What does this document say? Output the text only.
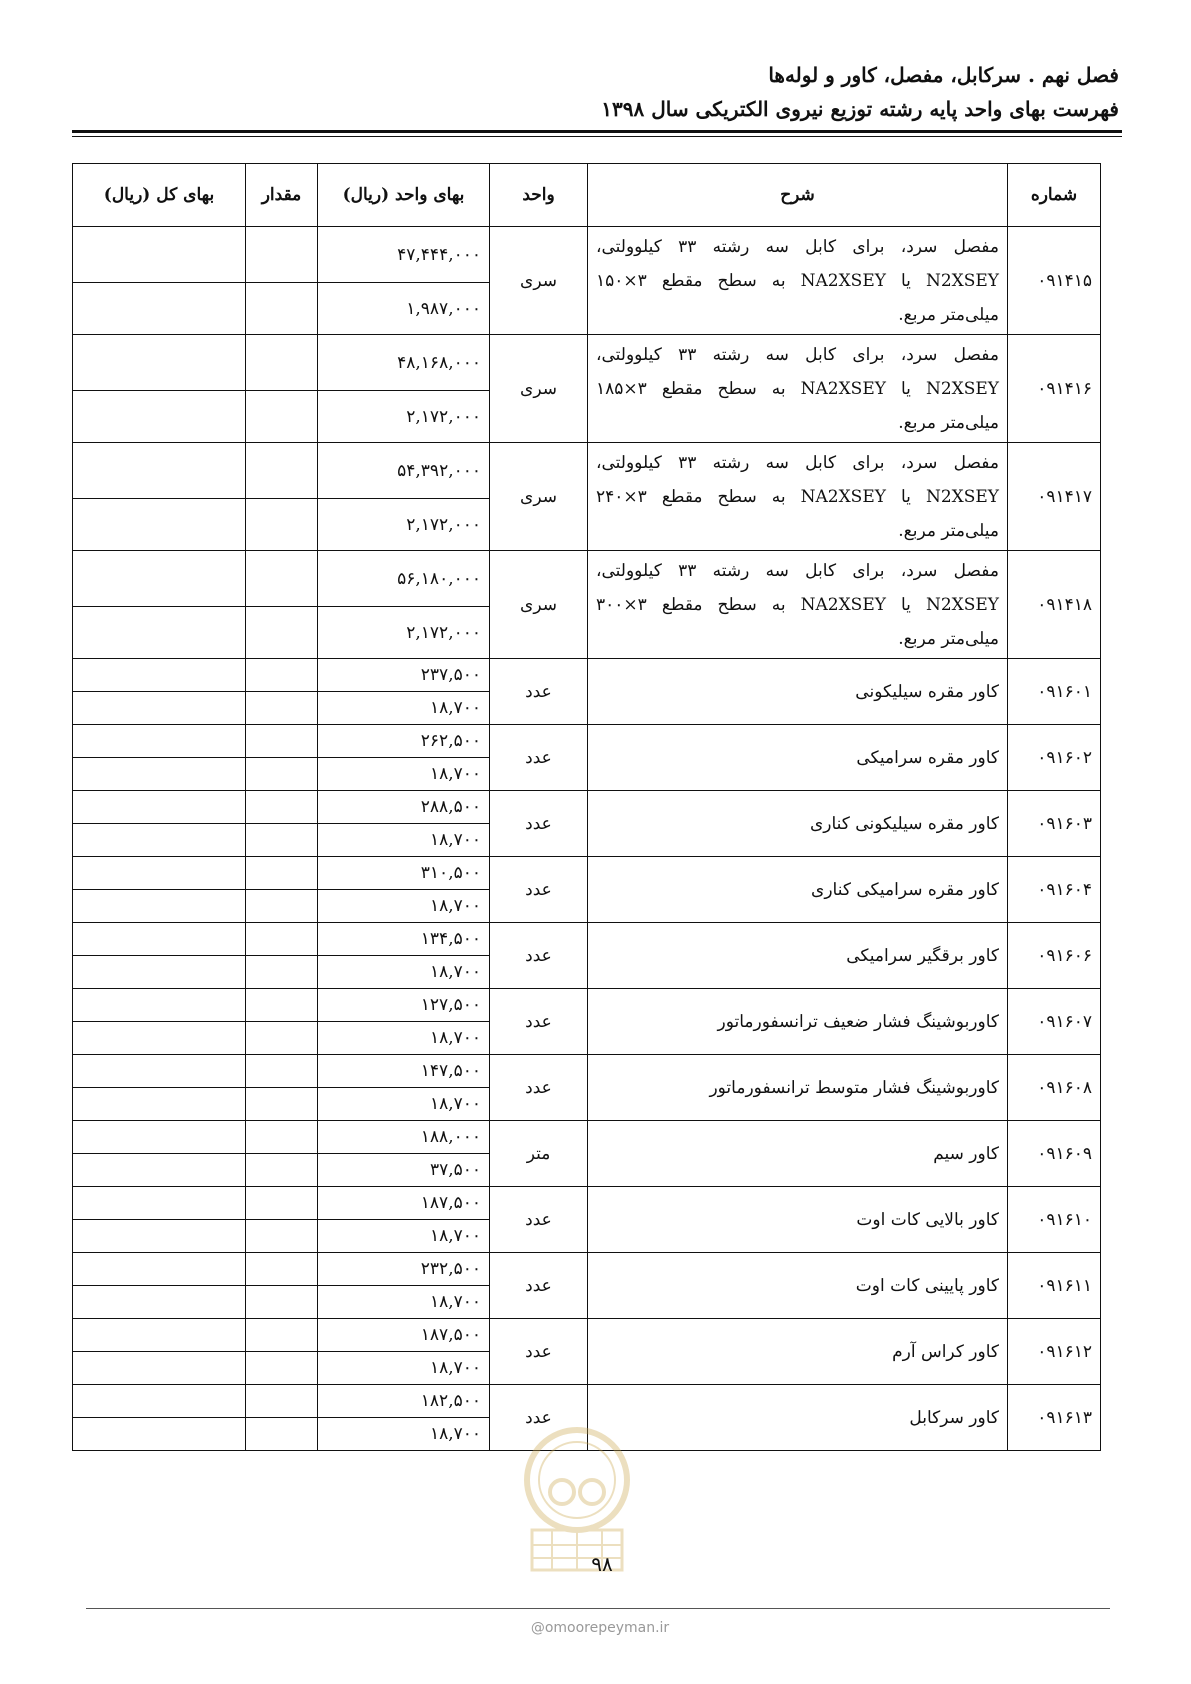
فصل نهم . سرکابل، مفصل، کاور و لوله‌ها
فهرست بهای واحد پایه رشته توزیع نیروی الکتریکی سال ۱۳۹۸
شماره	شرح	واحد	بهای واحد (ریال)	مقدار	بهای کل (ریال)
۰۹۱۴۱۵	مفصل سرد، برای کابل سه رشته ۳۳ کیلوولتی، N2XSEY یا NA2XSEY به سطح مقطع ۳×۱۵۰ میلی‌متر مربع.	سری	۴۷,۴۴۴,۰۰۰		
			۱,۹۸۷,۰۰۰		
۰۹۱۴۱۶	مفصل سرد، برای کابل سه رشته ۳۳ کیلوولتی، N2XSEY یا NA2XSEY به سطح مقطع ۳×۱۸۵ میلی‌متر مربع.	سری	۴۸,۱۶۸,۰۰۰		
			۲,۱۷۲,۰۰۰		
۰۹۱۴۱۷	مفصل سرد، برای کابل سه رشته ۳۳ کیلوولتی، N2XSEY یا NA2XSEY به سطح مقطع ۳×۲۴۰ میلی‌متر مربع.	سری	۵۴,۳۹۲,۰۰۰		
			۲,۱۷۲,۰۰۰		
۰۹۱۴۱۸	مفصل سرد، برای کابل سه رشته ۳۳ کیلوولتی، N2XSEY یا NA2XSEY به سطح مقطع ۳×۳۰۰ میلی‌متر مربع.	سری	۵۶,۱۸۰,۰۰۰		
			۲,۱۷۲,۰۰۰		
۰۹۱۶۰۱	کاور مقره سیلیکونی	عدد	۲۳۷,۵۰۰		
			۱۸,۷۰۰		
۰۹۱۶۰۲	کاور مقره سرامیکی	عدد	۲۶۲,۵۰۰		
			۱۸,۷۰۰		
۰۹۱۶۰۳	کاور مقره سیلیکونی کناری	عدد	۲۸۸,۵۰۰		
			۱۸,۷۰۰		
۰۹۱۶۰۴	کاور مقره سرامیکی کناری	عدد	۳۱۰,۵۰۰		
			۱۸,۷۰۰		
۰۹۱۶۰۶	کاور برقگیر سرامیکی	عدد	۱۳۴,۵۰۰		
			۱۸,۷۰۰		
۰۹۱۶۰۷	کاوربوشینگ فشار ضعیف ترانسفورماتور	عدد	۱۲۷,۵۰۰		
			۱۸,۷۰۰		
۰۹۱۶۰۸	کاوربوشینگ فشار متوسط ترانسفورماتور	عدد	۱۴۷,۵۰۰		
			۱۸,۷۰۰		
۰۹۱۶۰۹	کاور سیم	متر	۱۸۸,۰۰۰		
			۳۷,۵۰۰		
۰۹۱۶۱۰	کاور بالایی کات اوت	عدد	۱۸۷,۵۰۰		
			۱۸,۷۰۰		
۰۹۱۶۱۱	کاور پایینی کات اوت	عدد	۲۳۲,۵۰۰		
			۱۸,۷۰۰		
۰۹۱۶۱۲	کاور کراس آرم	عدد	۱۸۷,۵۰۰		
			۱۸,۷۰۰		
۰۹۱۶۱۳	کاور سرکابل	عدد	۱۸۲,۵۰۰		
			۱۸,۷۰۰		
۹۸
@omoorepeyman.ir
